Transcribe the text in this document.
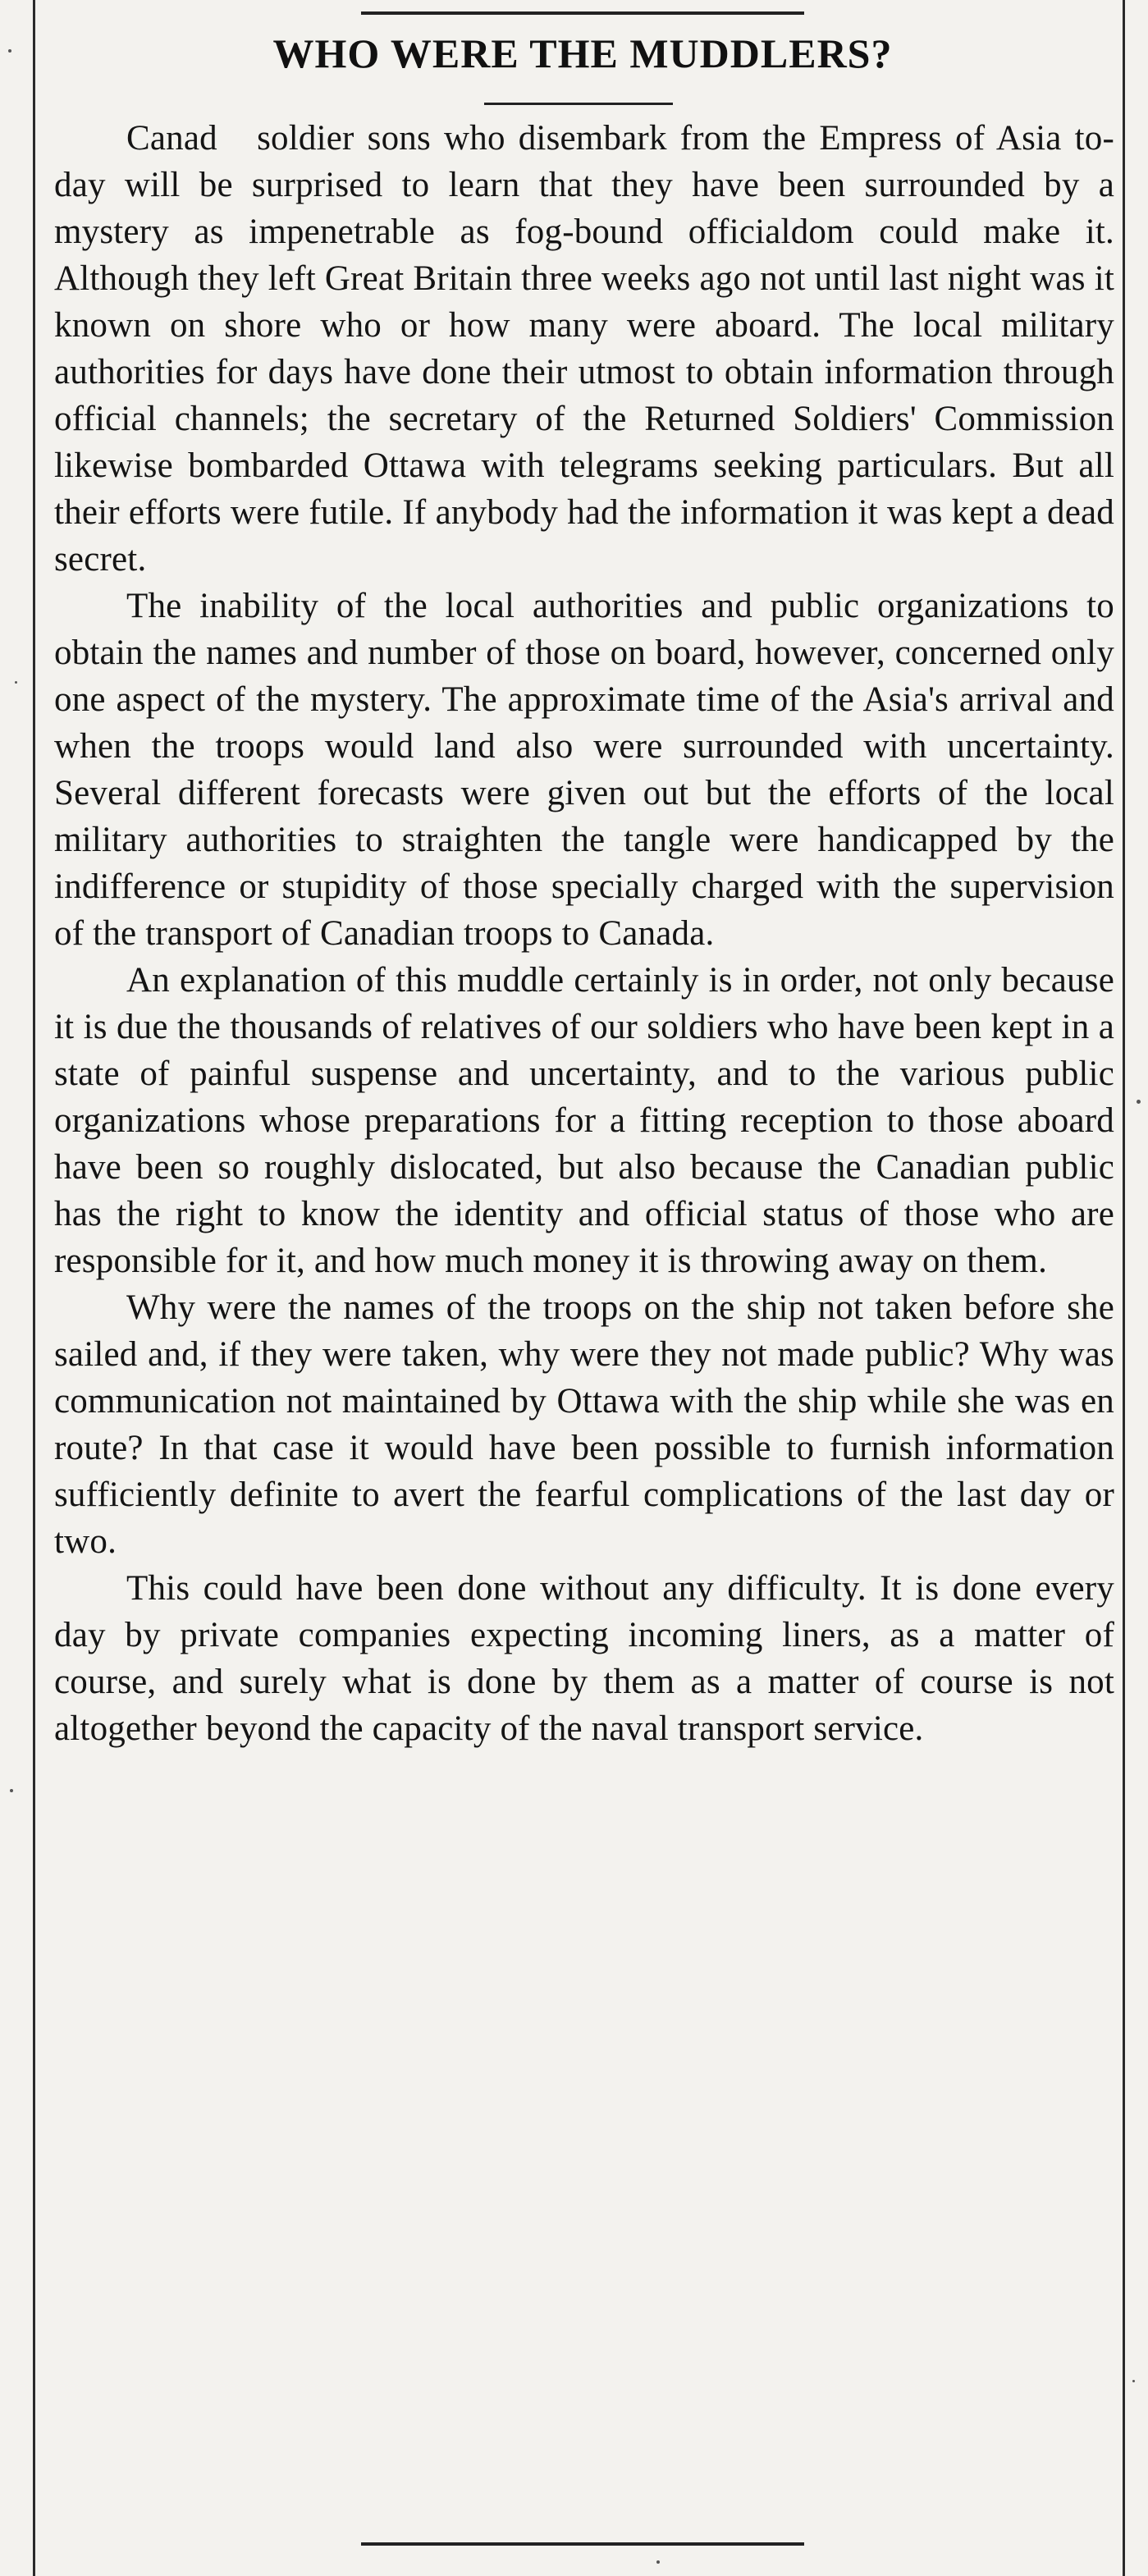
WHO WERE THE MUDDLERS?

Canad   soldier sons who disembark from the Empress of Asia to-day will be surprised to learn that they have been surrounded by a mystery as impenetrable as fog-bound officialdom could make it. Although they left Great Britain three weeks ago not until last night was it known on shore who or how many were aboard. The local military authorities for days have done their utmost to obtain information through official channels; the secretary of the Returned Soldiers' Commission likewise bombarded Ottawa with telegrams seeking particulars. But all their efforts were futile. If anybody had the information it was kept a dead secret.

The inability of the local authorities and public organizations to obtain the names and number of those on board, however, concerned only one aspect of the mystery. The approximate time of the Asia's arrival and when the troops would land also were surrounded with uncertainty. Several different forecasts were given out but the efforts of the local military authorities to straighten the tangle were handicapped by the indifference or stupidity of those specially charged with the supervision of the transport of Canadian troops to Canada.

An explanation of this muddle certainly is in order, not only because it is due the thousands of relatives of our soldiers who have been kept in a state of painful suspense and uncertainty, and to the various public organizations whose preparations for a fitting reception to those aboard have been so roughly dislocated, but also because the Canadian public has the right to know the identity and official status of those who are responsible for it, and how much money it is throwing away on them.

Why were the names of the troops on the ship not taken before she sailed and, if they were taken, why were they not made public? Why was communication not maintained by Ottawa with the ship while she was en route? In that case it would have been possible to furnish information sufficiently definite to avert the fearful complications of the last day or two.

This could have been done without any difficulty. It is done every day by private companies expecting incoming liners, as a matter of course, and surely what is done by them as a matter of course is not altogether beyond the capacity of the naval transport service.
